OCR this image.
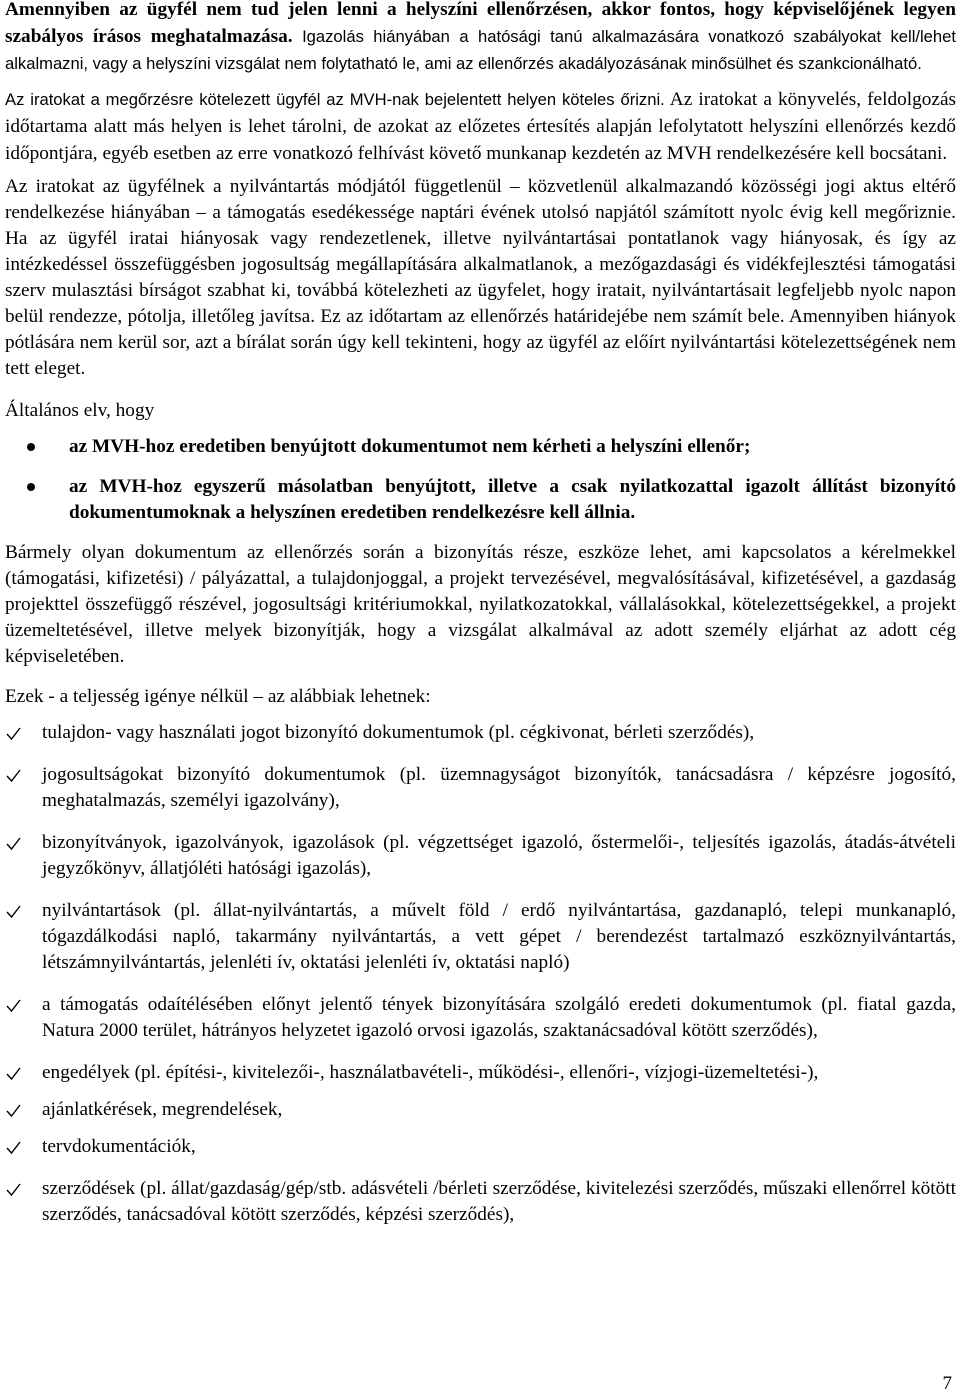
Amennyiben az ügyfél nem tud jelen lenni a helyszíni ellenőrzésen, akkor fontos, hogy képviselőjének legyen szabályos írásos meghatalmazása. Igazolás hiányában a hatósági tanú alkalmazására vonatkozó szabályokat kell/lehet alkalmazni, vagy a helyszíni vizsgálat nem folytatható le, ami az ellenőrzés akadályozásának minősülhet és szankcionálható.

Az iratokat a megőrzésre kötelezett ügyfél az MVH-nak bejelentett helyen köteles őrizni. Az iratokat a könyvelés, feldolgozás időtartama alatt más helyen is lehet tárolni, de azokat az előzetes értesítés alapján lefolytatott helyszíni ellenőrzés kezdő időpontjára, egyéb esetben az erre vonatkozó felhívást követő munkanap kezdetén az MVH rendelkezésére kell bocsátani.

Az iratokat az ügyfélnek a nyilvántartás módjától függetlenül – közvetlenül alkalmazandó közösségi jogi aktus eltérő rendelkezése hiányában – a támogatás esedékessége naptári évének utolsó napjától számított nyolc évig kell megőriznie. Ha az ügyfél iratai hiányosak vagy rendezetlenek, illetve nyilvántartásai pontatlanok vagy hiányosak, és így az intézkedéssel összefüggésben jogosultság megállapítására alkalmatlanok, a mezőgazdasági és vidékfejlesztési támogatási szerv mulasztási bírságot szabhat ki, továbbá kötelezheti az ügyfelet, hogy iratait, nyilvántartásait legfeljebb nyolc napon belül rendezze, pótolja, illetőleg javítsa. Ez az időtartam az ellenőrzés határidejébe nem számít bele. Amennyiben hiányok pótlására nem kerül sor, azt a bírálat során úgy kell tekinteni, hogy az ügyfél az előírt nyilvántartási kötelezettségének nem tett eleget.

Általános elv, hogy

az MVH-hoz eredetiben benyújtott dokumentumot nem kérheti a helyszíni ellenőr;
az MVH-hoz egyszerű másolatban benyújtott, illetve a csak nyilatkozattal igazolt állítást bizonyító dokumentumoknak a helyszínen eredetiben rendelkezésre kell állnia.

Bármely olyan dokumentum az ellenőrzés során a bizonyítás része, eszköze lehet, ami kapcsolatos a kérelmekkel (támogatási, kifizetési) / pályázattal, a tulajdonjoggal, a projekt tervezésével, megvalósításával, kifizetésével, a gazdaság projekttel összefüggő részével, jogosultsági kritériumokkal, nyilatkozatokkal, vállalásokkal, kötelezettségekkel, a projekt üzemeltetésével, illetve melyek bizonyítják, hogy a vizsgálat alkalmával az adott személy eljárhat az adott cég képviseletében.

Ezek - a teljesség igénye nélkül – az alábbiak lehetnek:

tulajdon- vagy használati jogot bizonyító dokumentumok (pl. cégkivonat, bérleti szerződés),
jogosultságokat bizonyító dokumentumok (pl. üzemnagyságot bizonyítók, tanácsadásra / képzésre jogosító, meghatalmazás, személyi igazolvány),
bizonyítványok, igazolványok, igazolások (pl. végzettséget igazoló, őstermelői-, teljesítés igazolás, átadás-átvételi jegyzőkönyv, állatjóléti hatósági igazolás),
nyilvántartások (pl. állat-nyilvántartás, a művelt föld / erdő nyilvántartása, gazdanapló, telepi munkanapló, tógazdálkodási napló, takarmány nyilvántartás, a vett gépet / berendezést tartalmazó eszköznyilvántartás, létszámnyilvántartás, jelenléti ív, oktatási jelenléti ív, oktatási napló)
a támogatás odaítélésében előnyt jelentő tények bizonyítására szolgáló eredeti dokumentumok (pl. fiatal gazda, Natura 2000 terület, hátrányos helyzetet igazoló orvosi igazolás, szaktanácsadóval kötött szerződés),
engedélyek (pl. építési-, kivitelezői-, használatbavételi-, működési-, ellenőri-, vízjogi-üzemeltetési-),
ajánlatkérések, megrendelések,
tervdokumentációk,
szerződések (pl. állat/gazdaság/gép/stb. adásvételi /bérleti szerződése, kivitelezési szerződés, műszaki ellenőrrel kötött szerződés, tanácsadóval kötött szerződés, képzési szerződés),
7
